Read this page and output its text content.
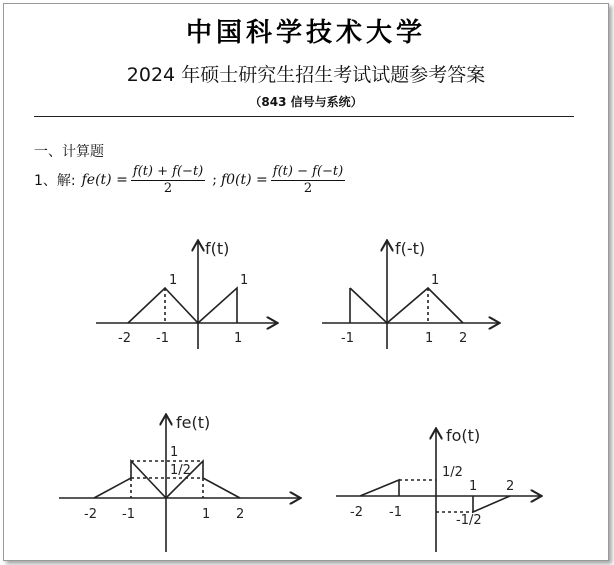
中国科学技术大学
2024 年硕士研究生招生考试试题参考答案
（843 信号与系统）
一、计算题
1、解: $fe(t) = \frac{f(t) + f(-t)}{2}$ ; $f0(t) = \frac{f(t) - f(-t)}{2}$
f(t)
-2 -1	1
1	1
f(-t)
-1	1 2
1
fe(t)
-2 -1	1 2
1
1/2
fo(t)
-2 -1
1 2
1/2
-1/2
